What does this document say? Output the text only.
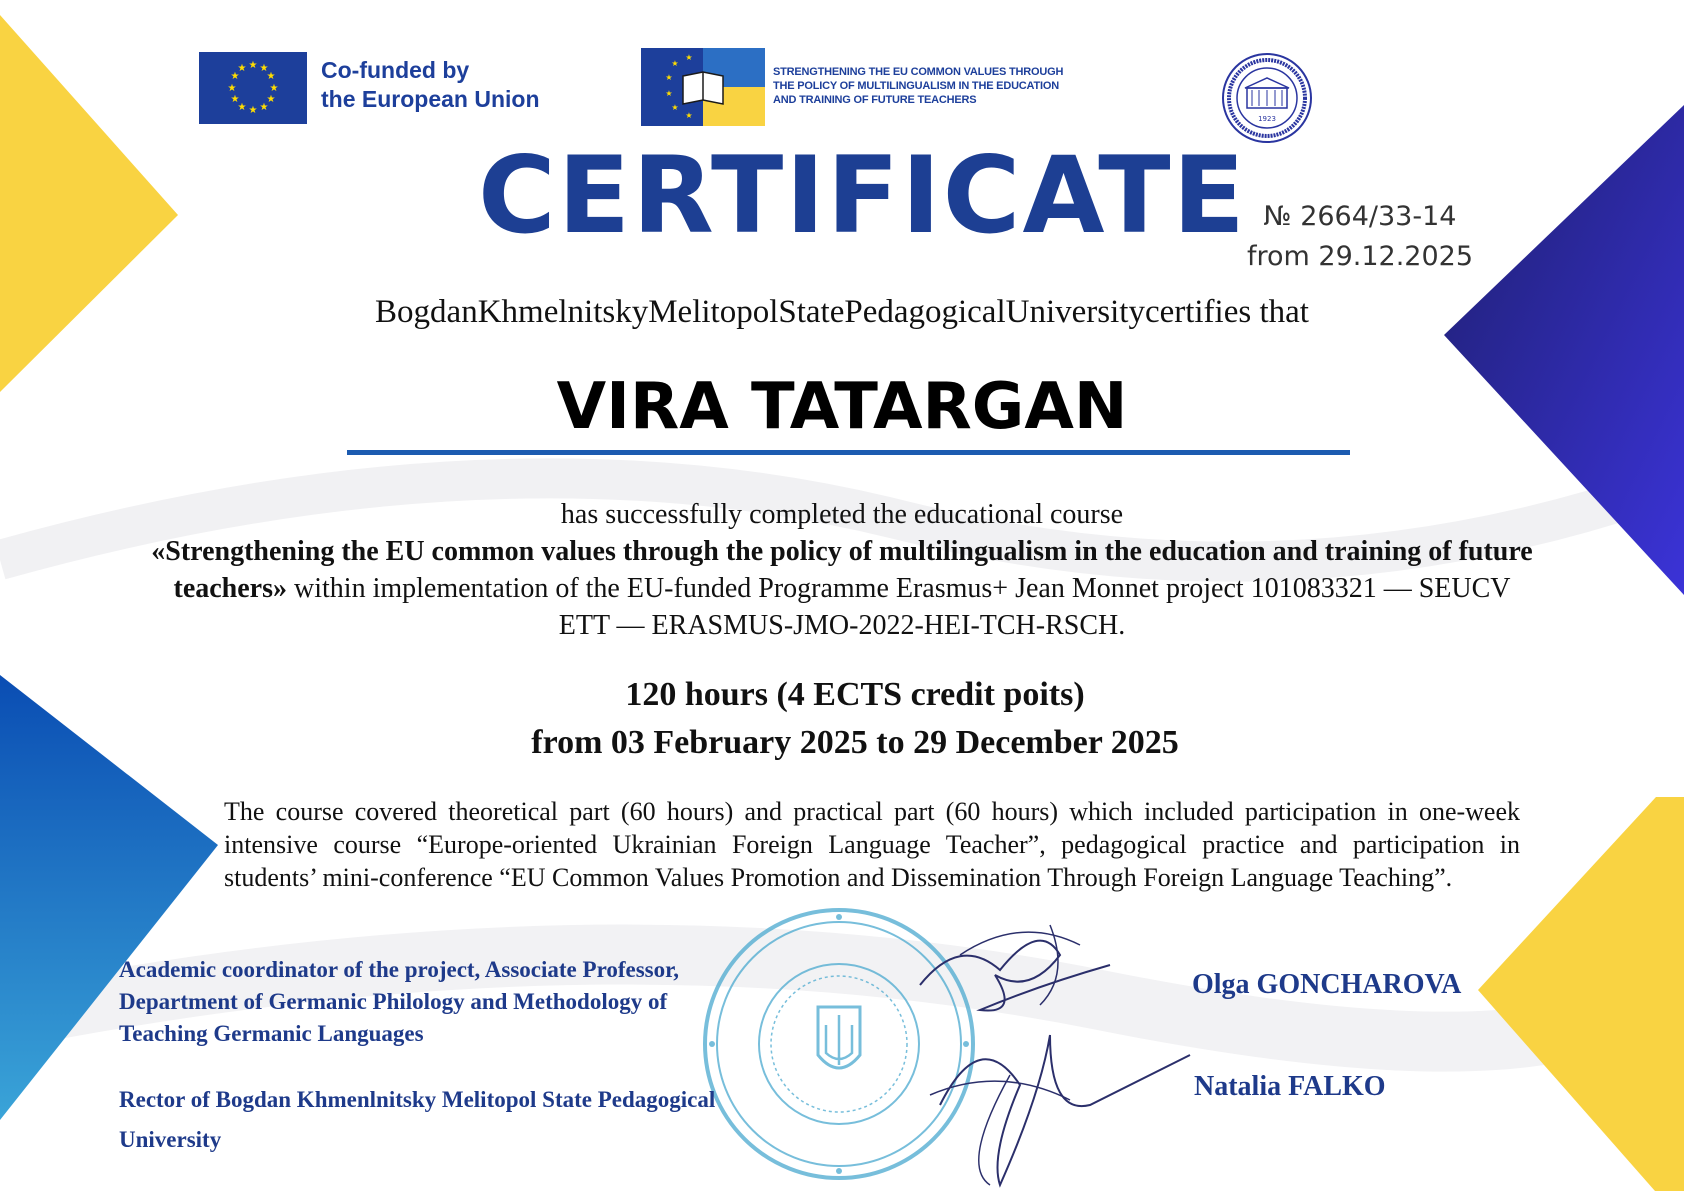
★ ★
★
★
★
★
★
★
★
★
★
★	Co-funded by
the European Union
★
★
★
★
★
★
STRENGTHENING THE EU COMMON VALUES THROUGH
THE POLICY OF MULTILINGUALISM IN THE EDUCATION
AND TRAINING OF FUTURE TEACHERS
1923
CERTIFICATE № 2664/33-14
from 29.12.2025
BogdanKhmelnitskyMelitopolStatePedagogicalUniversitycertifies that
VIRA TATARGAN
has successfully completed the educational course
«Strengthening the EU common values through the policy of multilingualism in the education and training of future teachers» within implementation of the EU-funded Programme Erasmus+ Jean Monnet project 101083321 — SEUCV ETT — ERASMUS-JMO-2022-HEI-TCH-RSCH.
120 hours (4 ECTS credit poits)
from 03 February 2025 to 29 December 2025
The course covered theoretical part (60 hours) and practical part (60 hours) which included participation in one-week intensive course “Europe-oriented Ukrainian Foreign Language Teacher”, pedagogical practice and participation in students’ mini-conference “EU Common Values Promotion and Dissemination Through Foreign Language Teaching”.
Academic coordinator of the project, Associate Professor,
Department of Germanic Philology and Methodology of
Teaching Germanic Languages
Olga GONCHAROVA
Rector of Bogdan Khmenlnitsky Melitopol State Pedagogical
University
Natalia FALKO
